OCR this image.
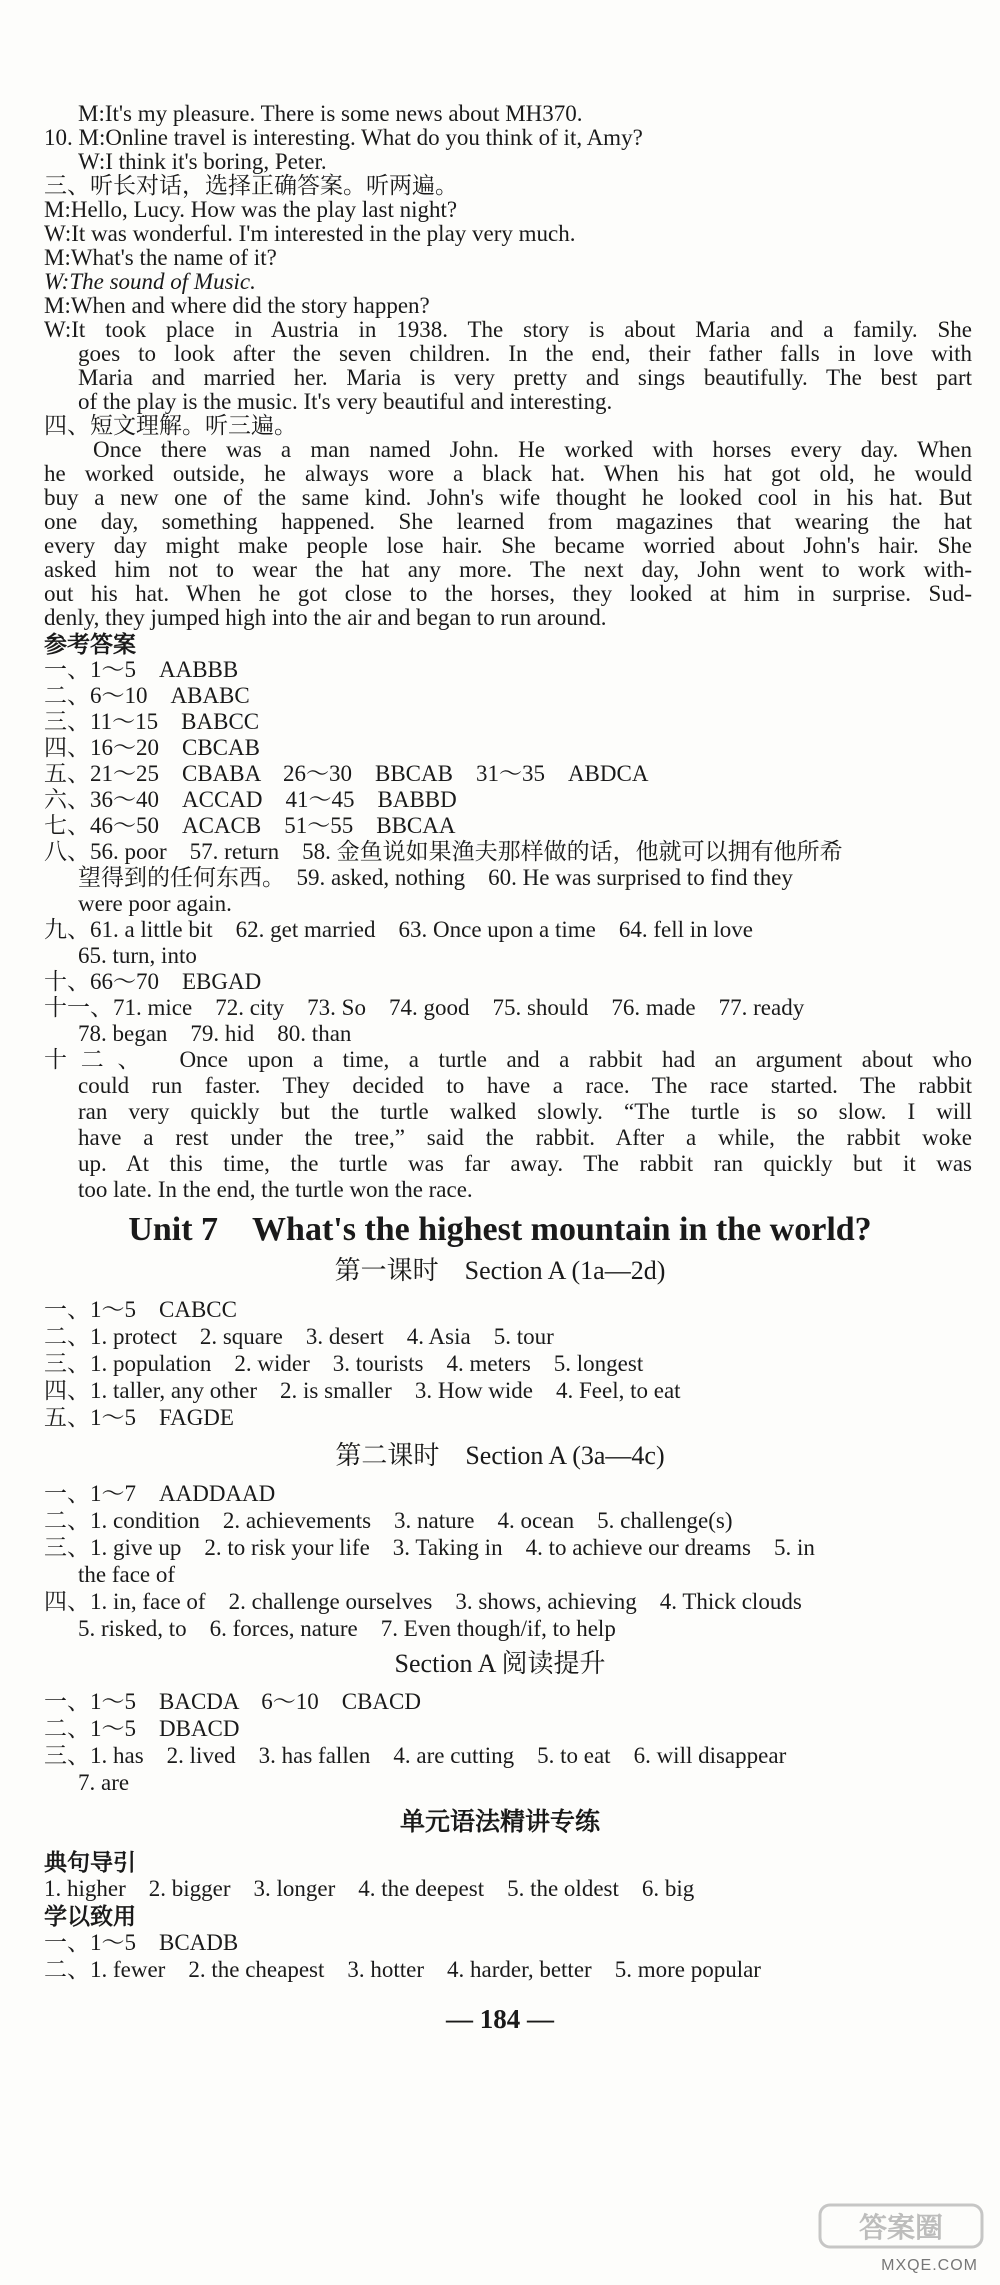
M:It's my pleasure. There is some news about MH370.
10. M:Online travel is interesting. What do you think of it, Amy?
W:I think it's boring, Peter.
三、听长对话，选择正确答案。听两遍。
M:Hello, Lucy. How was the play last night?
W:It was wonderful. I'm interested in the play very much.
M:What's the name of it?
W:The sound of Music.
M:When and where did the story happen?
W:It took place in Austria in 1938. The story is about Maria and a family. She
goes to look after the seven children. In the end, their father falls in love with
Maria and married her. Maria is very pretty and sings beautifully. The best part
of the play is the music. It's very beautiful and interesting.
四、短文理解。听三遍。
Once there was a man named John. He worked with horses every day. When
he worked outside, he always wore a black hat. When his hat got old, he would
buy a new one of the same kind. John's wife thought he looked cool in his hat. But
one day, something happened. She learned from magazines that wearing the hat
every day might make people lose hair. She became worried about John's hair. She
asked him not to wear the hat any more. The next day, John went to work with-
out his hat. When he got close to the horses, they looked at him in surprise. Sud-
denly, they jumped high into the air and began to run around.
参考答案
一、1～5　AABBB
二、6～10　ABABC
三、11～15　BABCC
四、16～20　CBCAB
五、21～25　CBABA　26～30　BBCAB　31～35　ABDCA
六、36～40　ACCAD　41～45　BABBD
七、46～50　ACACB　51～55　BBCAA
八、56. poor　57. return　58. 金鱼说如果渔夫那样做的话，他就可以拥有他所希
望得到的任何东西。　59. asked, nothing　60. He was surprised to find they
were poor again.
九、61. a little bit　62. get married　63. Once upon a time　64. fell in love
65. turn, into
十、66～70　EBGAD
十一、71. mice　72. city　73. So　74. good　75. should　76. made　77. ready
78. began　79. hid　80. than
十二、　Once upon a time, a turtle and a rabbit had an argument about who
could run faster. They decided to have a race. The race started. The rabbit
ran very quickly but the turtle walked slowly. “The turtle is so slow. I will
have a rest under the tree,” said the rabbit. After a while, the rabbit woke
up. At this time, the turtle was far away. The rabbit ran quickly but it was
too late. In the end, the turtle won the race.
Unit 7　What's the highest mountain in the world?
第一课时　Section A (1a—2d)
一、1～5　CABCC
二、1. protect　2. square　3. desert　4. Asia　5. tour
三、1. population　2. wider　3. tourists　4. meters　5. longest
四、1. taller, any other　2. is smaller　3. How wide　4. Feel, to eat
五、1～5　FAGDE
第二课时　Section A (3a—4c)
一、1～7　AADDAAD
二、1. condition　2. achievements　3. nature　4. ocean　5. challenge(s)
三、1. give up　2. to risk your life　3. Taking in　4. to achieve our dreams　5. in
the face of
四、1. in, face of　2. challenge ourselves　3. shows, achieving　4. Thick clouds
5. risked, to　6. forces, nature　7. Even though/if, to help
Section A 阅读提升
一、1～5　BACDA　6～10　CBACD
二、1～5　DBACD
三、1. has　2. lived　3. has fallen　4. are cutting　5. to eat　6. will disappear
7. are
单元语法精讲专练
典句导引
1. higher　2. bigger　3. longer　4. the deepest　5. the oldest　6. big
学以致用
一、1～5　BCADB
二、1. fewer　2. the cheapest　3. hotter　4. harder, better　5. more popular
— 184 —
答案圈
MXQE.COM
